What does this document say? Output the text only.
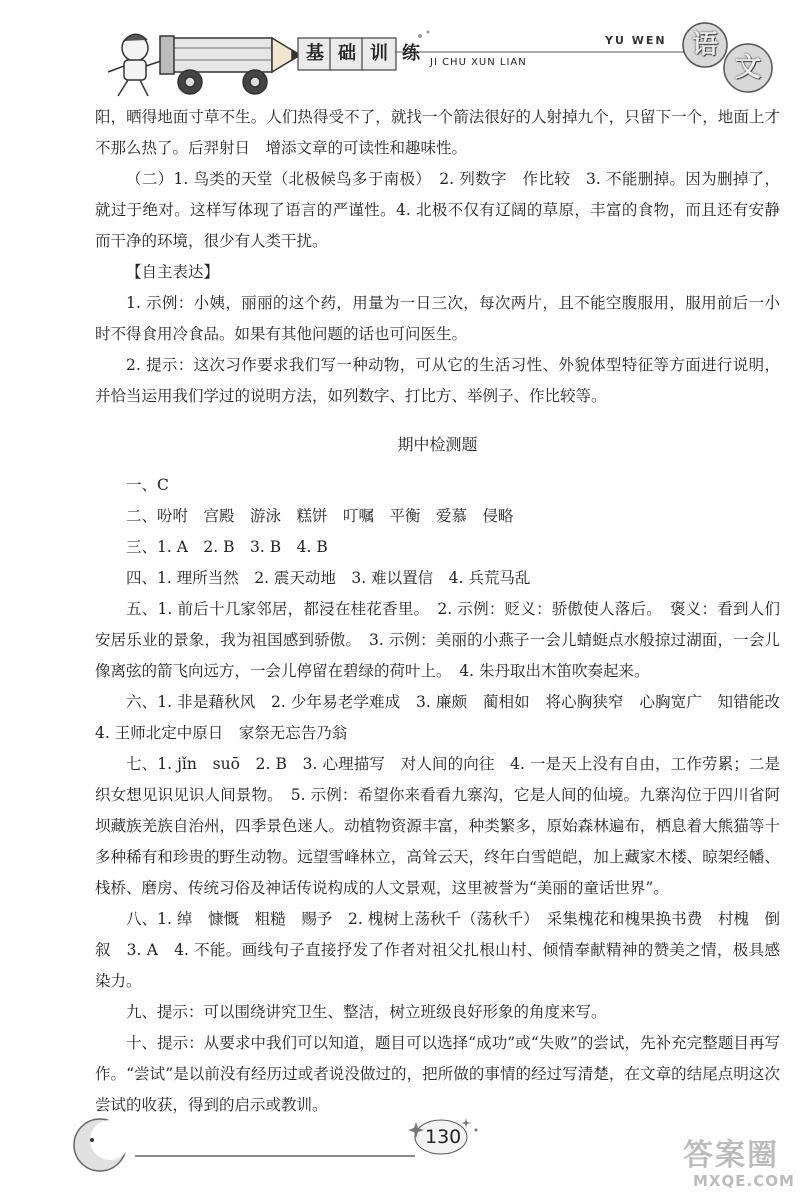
基 础 训 练	JI CHU XUN LIAN
YU WEN 语
文

阳，晒得地面寸草不生。人们热得受不了，就找一个箭法很好的人射掉九个，只留下一个，地面上才不那么热了。后羿射日　增添文章的可读性和趣味性。

（二）1. 鸟类的天堂（北极候鸟多于南极）　2. 列数字　作比较　3. 不能删掉。因为删掉了，就过于绝对。这样写体现了语言的严谨性。4. 北极不仅有辽阔的草原，丰富的食物，而且还有安静而干净的环境，很少有人类干扰。

【自主表达】

1. 示例：小姨，丽丽的这个药，用量为一日三次，每次两片，且不能空腹服用，服用前后一小时不得食用冷食品。如果有其他问题的话也可问医生。

2. 提示：这次习作要求我们写一种动物，可从它的生活习性、外貌体型特征等方面进行说明，并恰当运用我们学过的说明方法，如列数字、打比方、举例子、作比较等。

期中检测题

一、C

二、吩咐　宫殿　游泳　糕饼　叮嘱　平衡　爱慕　侵略

三、1. A　2. B　3. B　4. B

四、1. 理所当然　2. 震天动地　3. 难以置信　4. 兵荒马乱

五、1. 前后十几家邻居，都浸在桂花香里。　2. 示例：贬义：骄傲使人落后。　褒义：看到人们安居乐业的景象，我为祖国感到骄傲。　3. 示例：美丽的小燕子一会儿蜻蜓点水般掠过湖面，一会儿像离弦的箭飞向远方，一会儿停留在碧绿的荷叶上。　4. 朱丹取出木笛吹奏起来。

六、1. 非是藉秋风　2. 少年易老学难成　3. 廉颇　蔺相如　将心胸狭窄　心胸宽广　知错能改　4. 王师北定中原日　家祭无忘告乃翁

七、1. jǐn　suō　2. B　3. 心理描写　对人间的向往　4. 一是天上没有自由，工作劳累；二是织女想见识见识人间景物。　5. 示例：希望你来看看九寨沟，它是人间的仙境。九寨沟位于四川省阿坝藏族羌族自治州，四季景色迷人。动植物资源丰富，种类繁多，原始森林遍布，栖息着大熊猫等十多种稀有和珍贵的野生动物。远望雪峰林立，高耸云天，终年白雪皑皑，加上藏家木楼、晾架经幡、栈桥、磨房、传统习俗及神话传说构成的人文景观，这里被誉为“美丽的童话世界”。

八、1. 绰　慷慨　粗糙　赐予　2. 槐树上荡秋千（荡秋千）　采集槐花和槐果换书费　村槐　倒叙　3. A　4. 不能。画线句子直接抒发了作者对祖父扎根山村、倾情奉献精神的赞美之情，极具感染力。

九、提示：可以围绕讲究卫生、整洁，树立班级良好形象的角度来写。

十、提示：从要求中我们可以知道，题目可以选择“成功”或“失败”的尝试，先补充完整题目再写作。“尝试”是以前没有经历过或者说没做过的，把所做的事情的经过写清楚，在文章的结尾点明这次尝试的收获，得到的启示或教训。

130
答案圈
MXQE.COM
